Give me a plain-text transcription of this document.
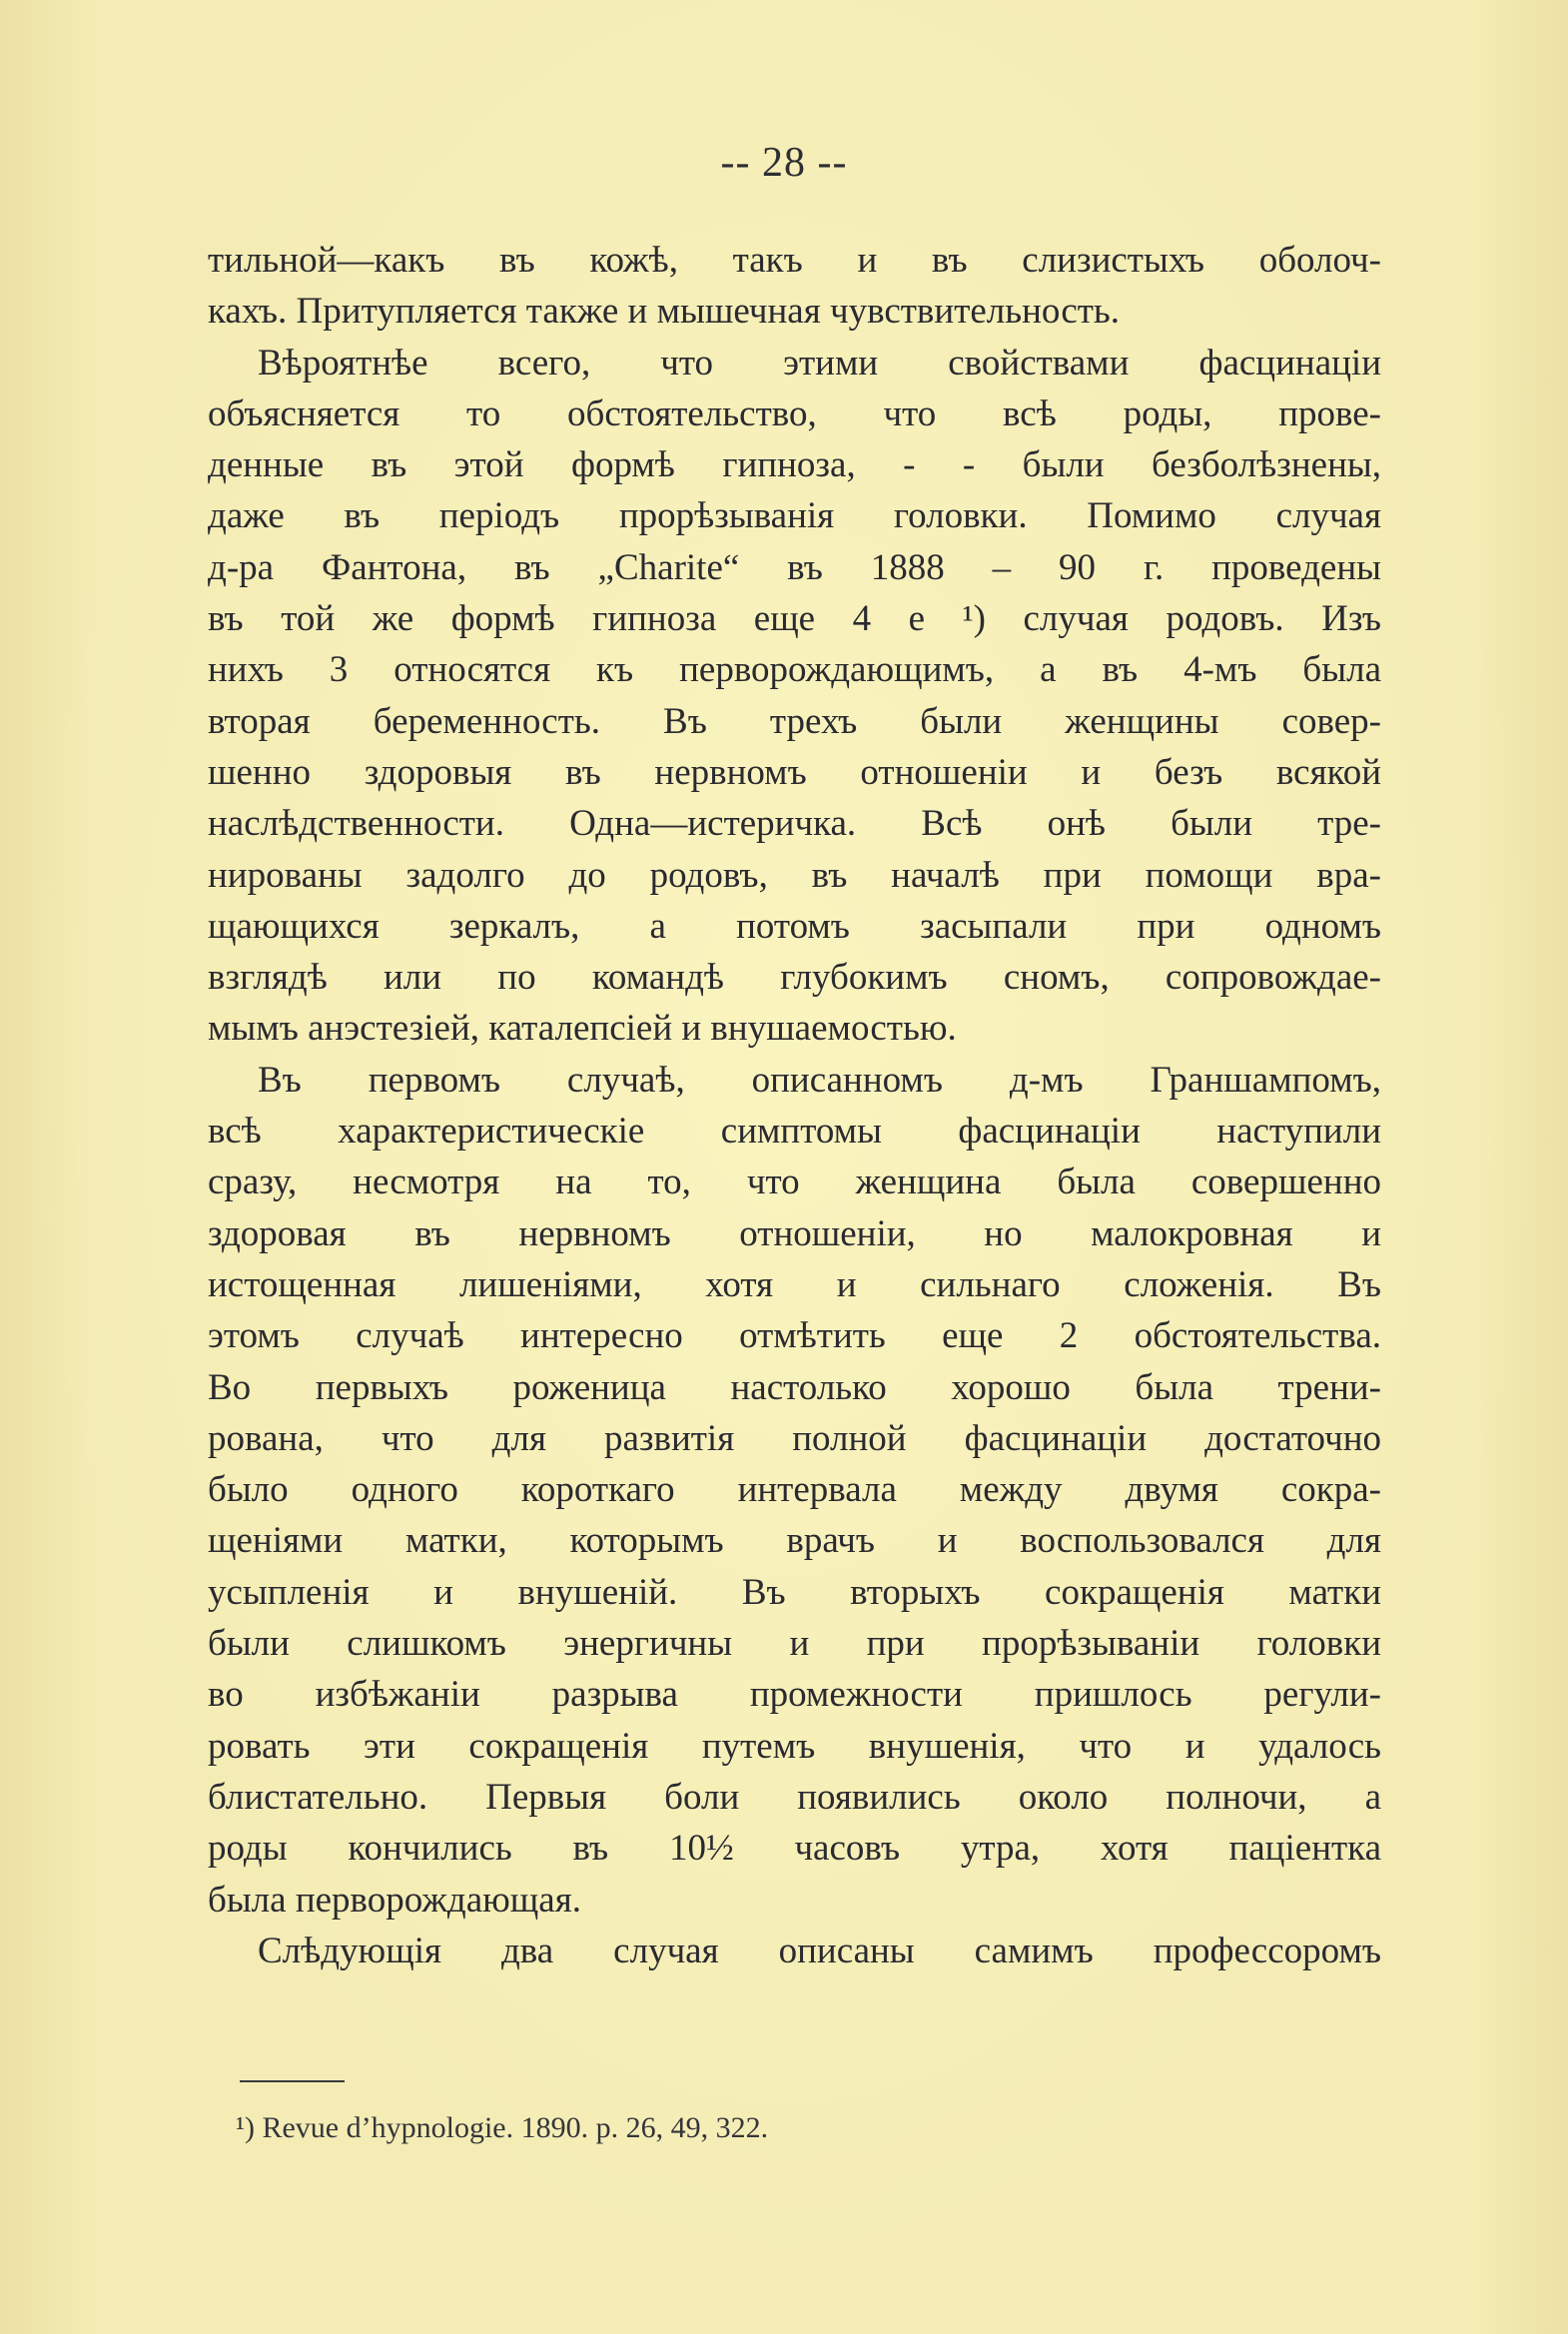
-- 28 --
тильной—какъ въ кожѣ, такъ и въ слизистыхъ оболоч-
кахъ. Притупляется также и мышечная чувствительность.
Вѣроятнѣе всего, что этими свойствами фасцинаціи
объясняется то обстоятельство, что всѣ роды, прове-
денные въ этой формѣ гипноза, - - были безболѣзнены,
даже въ періодъ прорѣзыванія головки. Помимо случая
д-ра Фантона, въ „Charite“ въ 1888 – 90 г. проведены
въ той же формѣ гипноза еще 4 е ¹) случая родовъ. Изъ
нихъ 3 относятся къ перворождающимъ, а въ 4-мъ была
вторая беременность. Въ трехъ были женщины совер-
шенно здоровыя въ нервномъ отношеніи и безъ всякой
наслѣдственности. Одна—истеричка. Всѣ онѣ были тре-
нированы задолго до родовъ, въ началѣ при помощи вра-
щающихся зеркалъ, а потомъ засыпали при одномъ
взглядѣ или по командѣ глубокимъ сномъ, сопровождае-
мымъ анэстезіей, каталепсіей и внушаемостью.
Въ первомъ случаѣ, описанномъ д-мъ Граншампомъ,
всѣ характеристическіе симптомы фасцинаціи наступили
сразу, несмотря на то, что женщина была совершенно
здоровая въ нервномъ отношеніи, но малокровная и
истощенная лишеніями, хотя и сильнаго сложенія. Въ
этомъ случаѣ интересно отмѣтить еще 2 обстоятельства.
Во первыхъ роженица настолько хорошо была трени-
рована, что для развитія полной фасцинаціи достаточно
было одного короткаго интервала между двумя сокра-
щеніями матки, которымъ врачъ и воспользовался для
усыпленія и внушеній. Въ вторыхъ сокращенія матки
были слишкомъ энергичны и при прорѣзываніи головки
во избѣжаніи разрыва промежности пришлось регули-
ровать эти сокращенія путемъ внушенія, что и удалось
блистательно. Первыя боли появились около полночи, а
роды кончились въ 10½ часовъ утра, хотя паціентка
была перворождающая.
Слѣдующія два случая описаны самимъ профессоромъ
¹) Revue d’hypnologie. 1890. p. 26, 49, 322.
